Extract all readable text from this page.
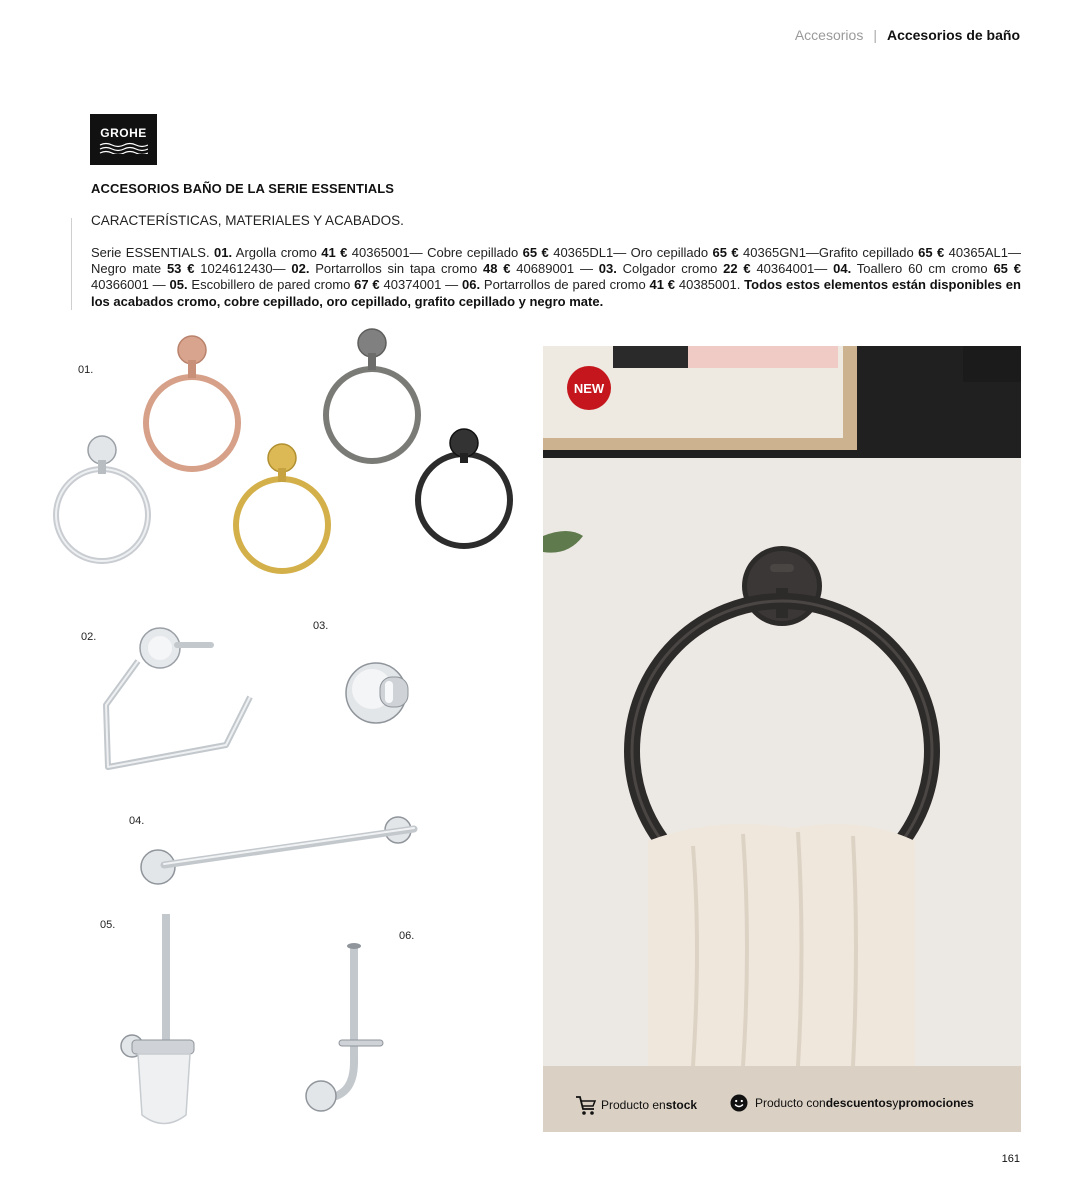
Accesorios | Accesorios de baño
GROHE
ACCESORIOS BAÑO DE LA SERIE ESSENTIALS
CARACTERÍSTICAS, MATERIALES Y ACABADOS.
Serie ESSENTIALS. 01. Argolla cromo 41 € 40365001— Cobre cepillado 65 € 40365DL1— Oro cepillado 65 € 40365GN1—Grafito cepillado 65 € 40365AL1— Negro mate 53 € 1024612430— 02. Portarrollos sin tapa cromo 48 € 40689001 — 03. Colgador cromo 22 € 40364001— 04. Toallero 60 cm cromo 65 € 40366001 — 05. Escobillero de pared cromo 67 € 40374001 — 06. Portarrollos de pared cromo 41 € 40385001. Todos estos elementos están disponibles en los acabados cromo, cobre cepillado, oro cepillado, grafito cepillado y negro mate.
01.
02.
03.
04.
05.
06.
NEW
Producto en stock	Producto con descuentos y promociones
161
